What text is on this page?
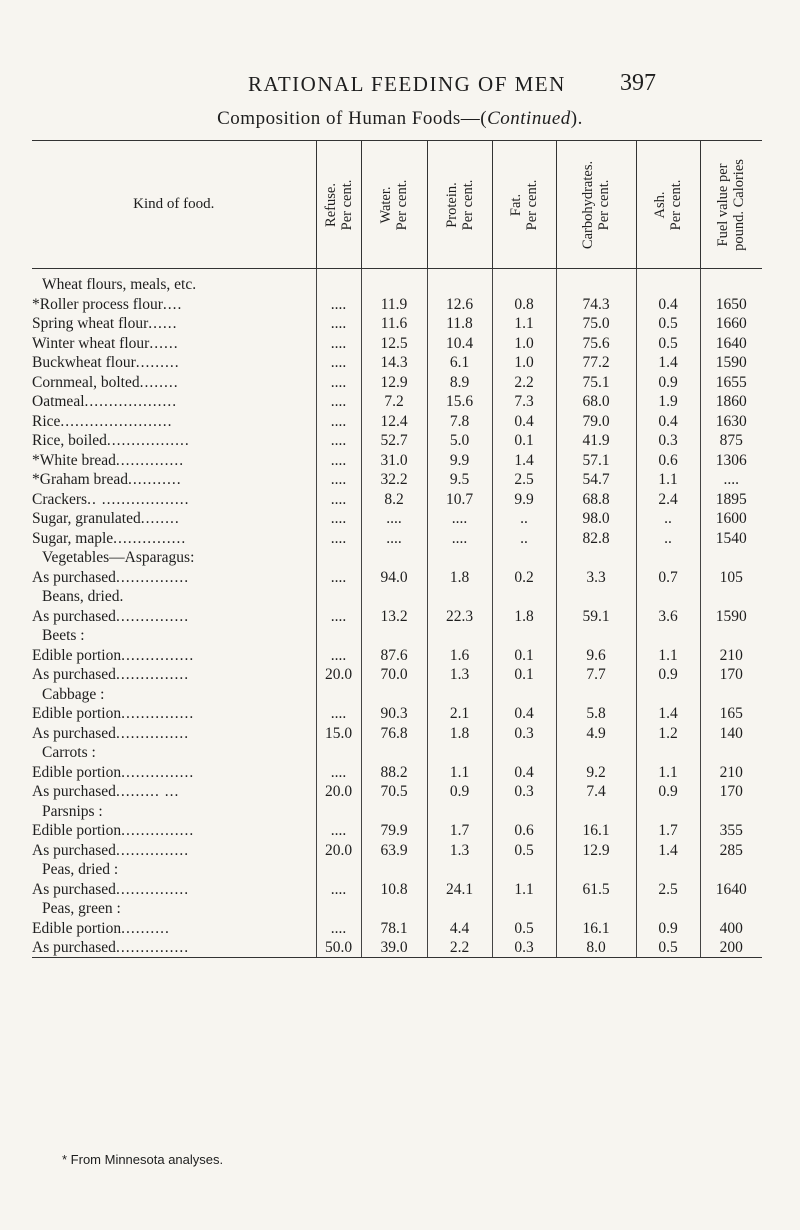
RATIONAL FEEDING OF MEN 397
Composition of Human Foods—(Continued).
Kind of food.	Refuse. Per cent.	Water. Per cent.	Protein. Per cent.	Fat. Per cent.	Carbohydrates. Per cent.	Ash. Per cent.	Fuel value per pound. Calories

Wheat flours, meals, etc.							
*Roller process flour....	....	11.9	12.6	0.8	74.3	0.4	1650
Spring wheat flour......	....	11.6	11.8	1.1	75.0	0.5	1660
Winter wheat flour......	....	12.5	10.4	1.0	75.6	0.5	1640
Buckwheat flour.........	....	14.3	6.1	1.0	77.2	1.4	1590
Cornmeal, bolted........	....	12.9	8.9	2.2	75.1	0.9	1655
Oatmeal...................	....	7.2	15.6	7.3	68.0	1.9	1860
Rice.......................	....	12.4	7.8	0.4	79.0	0.4	1630
Rice, boiled.................	....	52.7	5.0	0.1	41.9	0.3	875
*White bread..............	....	31.0	9.9	1.4	57.1	0.6	1306
*Graham bread...........	....	32.2	9.5	2.5	54.7	1.1	....
Crackers.. ..................	....	8.2	10.7	9.9	68.8	2.4	1895
Sugar, granulated........	....	....	....	..	98.0	..	1600
Sugar, maple...............	....	....	....	..	82.8	..	1540
Vegetables—Asparagus:							
As purchased...............	....	94.0	1.8	0.2	3.3	0.7	105
Beans, dried.							
As purchased...............	....	13.2	22.3	1.8	59.1	3.6	1590
Beets :							
Edible portion...............	....	87.6	1.6	0.1	9.6	1.1	210
As purchased...............	20.0	70.0	1.3	0.1	7.7	0.9	170
Cabbage :							
Edible portion...............	....	90.3	2.1	0.4	5.8	1.4	165
As purchased...............	15.0	76.8	1.8	0.3	4.9	1.2	140
Carrots :							
Edible portion...............	....	88.2	1.1	0.4	9.2	1.1	210
As purchased......... ...	20.0	70.5	0.9	0.3	7.4	0.9	170
Parsnips :							
Edible portion...............	....	79.9	1.7	0.6	16.1	1.7	355
As purchased...............	20.0	63.9	1.3	0.5	12.9	1.4	285
Peas, dried :							
As purchased...............	....	10.8	24.1	1.1	61.5	2.5	1640
Peas, green :							
Edible portion..........	....	78.1	4.4	0.5	16.1	0.9	400
As purchased...............	50.0	39.0	2.2	0.3	8.0	0.5	200
* From Minnesota analyses.
